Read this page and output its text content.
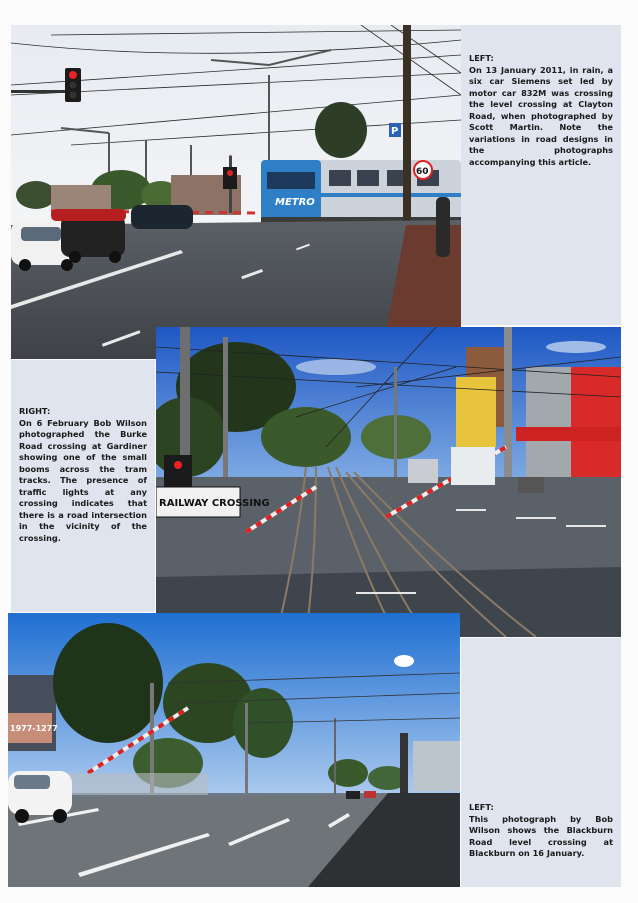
METRO
P
60
LEFT:
On 13 January 2011, in rain, a six car Siemens set led by motor car 832M was crossing the level crossing at Clayton Road, when photographed by Scott Martin. Note the variations in road designs in the photographs accompanying this article.
RIGHT:
On 6 February Bob Wilson photographed the Burke Road crossing at Gardiner showing one of the small booms across the tram tracks. The presence of traffic lights at any crossing indicates that there is a road intersection in the vicinity of the crossing.
RAILWAY CROSSING
1977-1277
LEFT:
This photograph by Bob Wilson shows the Blackburn Road level crossing at Blackburn on 16 January.
